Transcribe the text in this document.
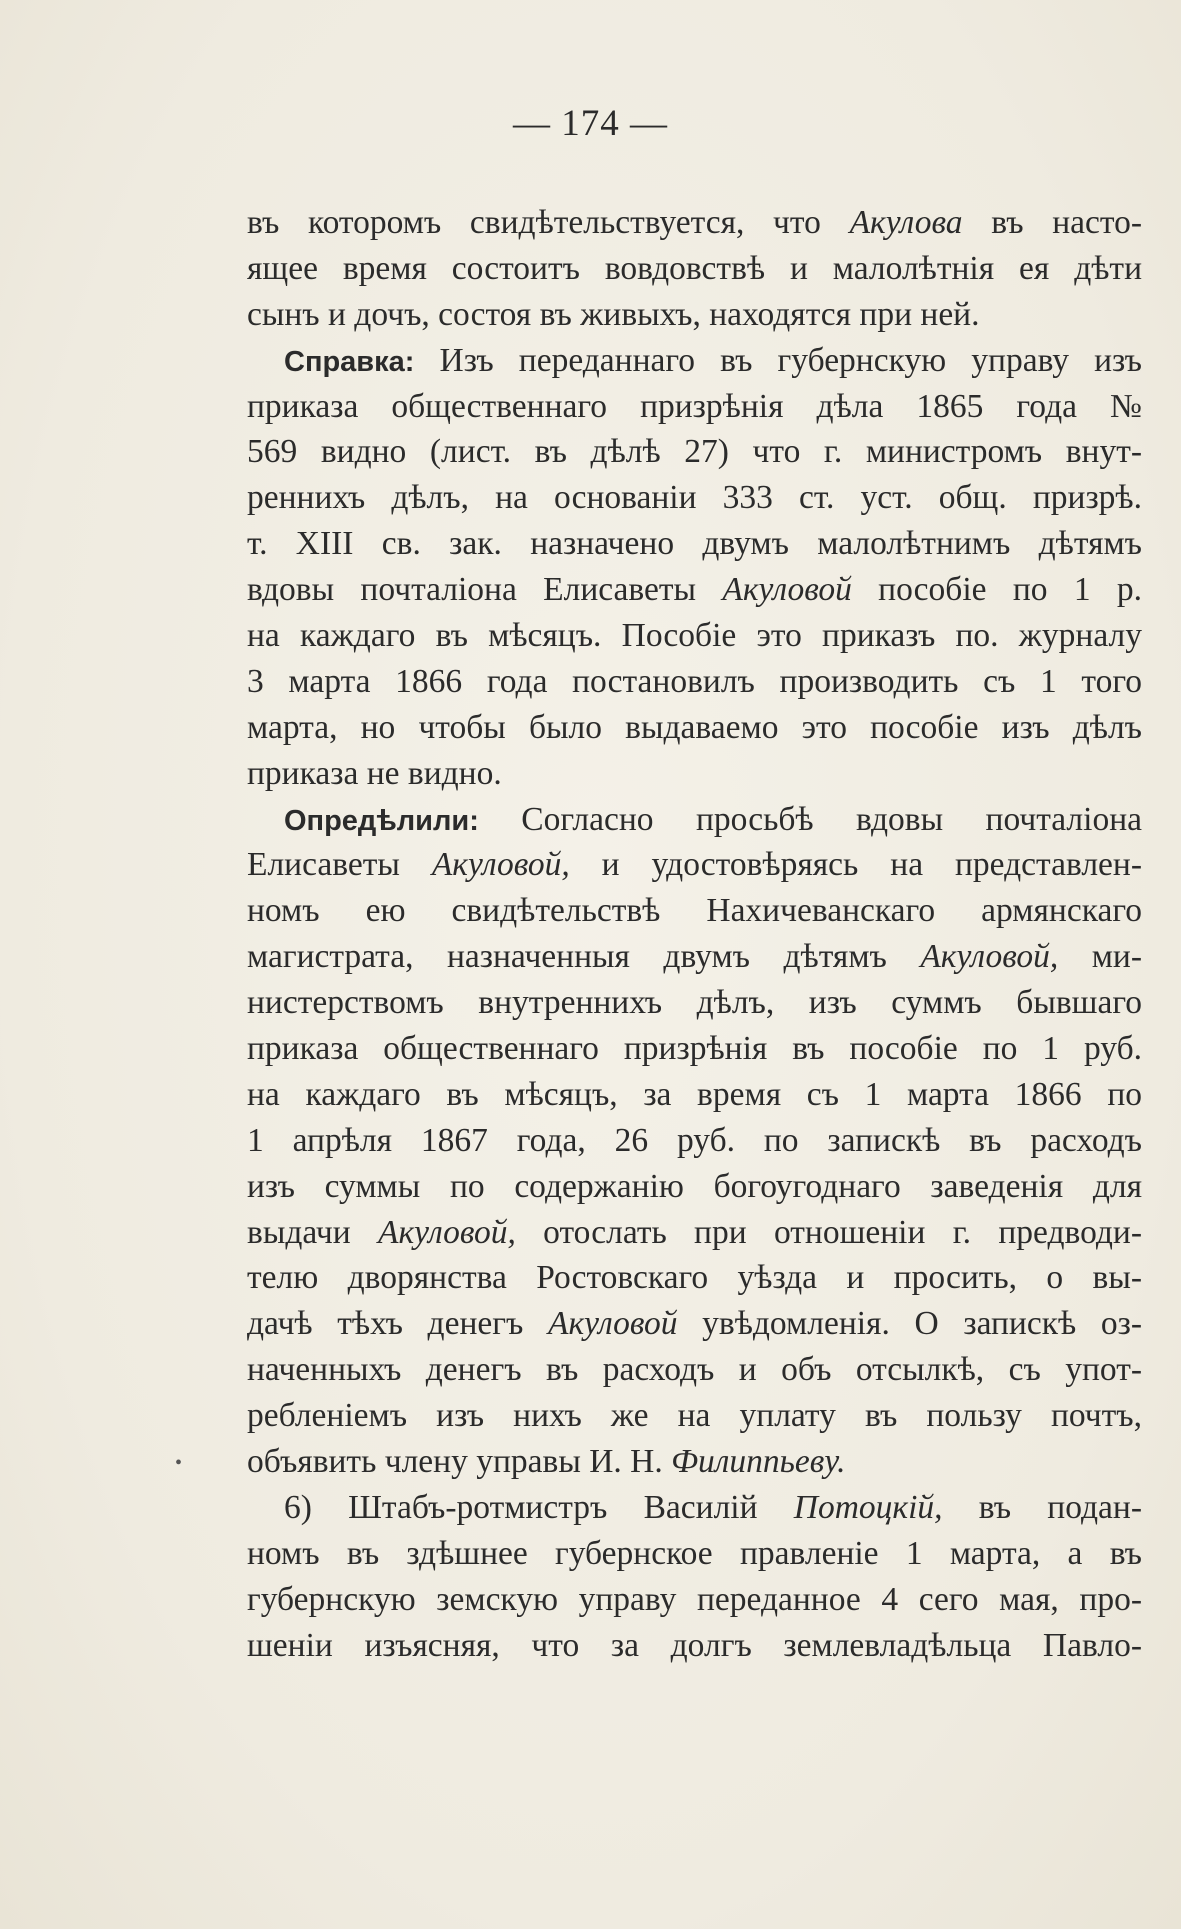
— 174 —
•
въ которомъ свидѣтельствуется, что Акулова въ насто-
ящее время состоитъ вовдовствѣ и малолѣтнія ея дѣти
сынъ и дочъ, состоя въ живыхъ, находятся при ней.
Справка: Изъ переданнаго въ губернскую управу изъ
приказа общественнаго призрѣнія дѣла 1865 года №
569 видно (лист. въ дѣлѣ 27) что г. министромъ внут-
реннихъ дѣлъ, на основаніи 333 ст. уст. общ. призрѣ.
т. XIII св. зак. назначено двумъ малолѣтнимъ дѣтямъ
вдовы почталіона Елисаветы Акуловой пособіе по 1 р.
на каждаго въ мѣсяцъ. Пособіе это приказъ по. журналу
3 марта 1866 года постановилъ производить съ 1 того
марта, но чтобы было выдаваемо это пособіе изъ дѣлъ
приказа не видно.
Опредѣлили: Согласно просьбѣ вдовы почталіона
Елисаветы Акуловой, и удостовѣряясь на представлен-
номъ ею свидѣтельствѣ Нахичеванскаго армянскаго
магистрата, назначенныя двумъ дѣтямъ Акуловой, ми-
нистерствомъ внутреннихъ дѣлъ, изъ суммъ бывшаго
приказа общественнаго призрѣнія въ пособіе по 1 руб.
на каждаго въ мѣсяцъ, за время съ 1 марта 1866 по
1 апрѣля 1867 года, 26 руб. по запискѣ въ расходъ
изъ суммы по содержанію богоугоднаго заведенія для
выдачи Акуловой, отослать при отношеніи г. предводи-
телю дворянства Ростовскаго уѣзда и просить, о вы-
дачѣ тѣхъ денегъ Акуловой увѣдомленія. О запискѣ оз-
наченныхъ денегъ въ расходъ и объ отсылкѣ, съ упот-
ребленіемъ изъ нихъ же на уплату въ пользу почтъ,
объявить члену управы И. Н. Филиппьеву.
6) Штабъ-ротмистръ Василій Потоцкій, въ подан-
номъ въ здѣшнее губернское правленіе 1 марта, а въ
губернскую земскую управу переданное 4 сего мая, про-
шеніи изъясняя, что за долгъ землевладѣльца Павло-
